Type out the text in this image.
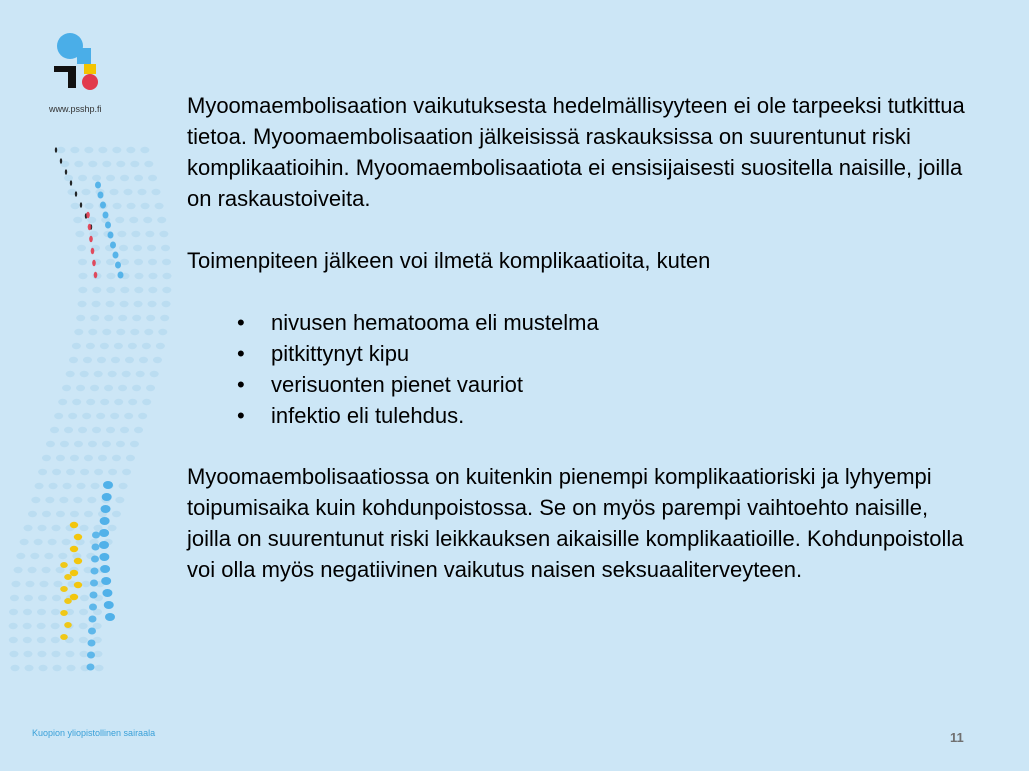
www.psshp.fi	Myoomaembolisaation vaikutuksesta hedelmällisyyteen ei ole tarpeeksi tutkittua tietoa. Myoomaembolisaation jälkeisissä raskauksissa on suurentunut riski komplikaatioihin. Myoomaembolisaatiota ei ensisijaisesti suositella naisille, joilla on raskaustoiveita.

Toimenpiteen jälkeen voi ilmetä komplikaatioita, kuten

• nivusen hematooma eli mustelma
• pitkittynyt kipu
• verisuonten pienet vauriot
• infektio eli tulehdus.

Myoomaembolisaatiossa on kuitenkin pienempi komplikaatioriski ja lyhyempi toipumisaika kuin kohdunpoistossa. Se on myös parempi vaihtoehto naisille, joilla on suurentunut riski leikkauksen aikaisille komplikaatioille. Kohdunpoistolla voi olla myös negatiivinen vaikutus naisen seksuaaliterveyteen.

Kuopion yliopistollinen sairaala	11
